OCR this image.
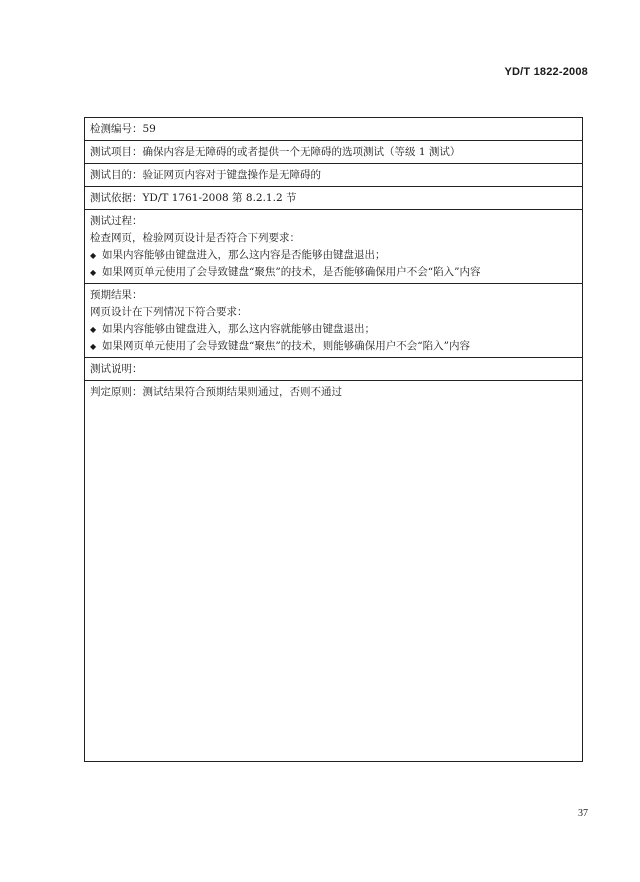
YD/T 1822-2008
检测编号：59
测试项目：确保内容是无障碍的或者提供一个无障碍的选项测试（等级 1 测试）
测试目的：验证网页内容对于键盘操作是无障碍的
测试依据：YD/T 1761-2008 第 8.2.1.2 节
测试过程：
检查网页，检验网页设计是否符合下列要求：
◆ 如果内容能够由键盘进入，那么这内容是否能够由键盘退出；
◆ 如果网页单元使用了会导致键盘“聚焦”的技术，是否能够确保用户不会“陷入”内容
预期结果：
网页设计在下列情况下符合要求：
◆ 如果内容能够由键盘进入，那么这内容就能够由键盘退出；
◆ 如果网页单元使用了会导致键盘“聚焦”的技术，则能够确保用户不会“陷入”内容
测试说明：
判定原则：测试结果符合预期结果则通过，否则不通过
37
